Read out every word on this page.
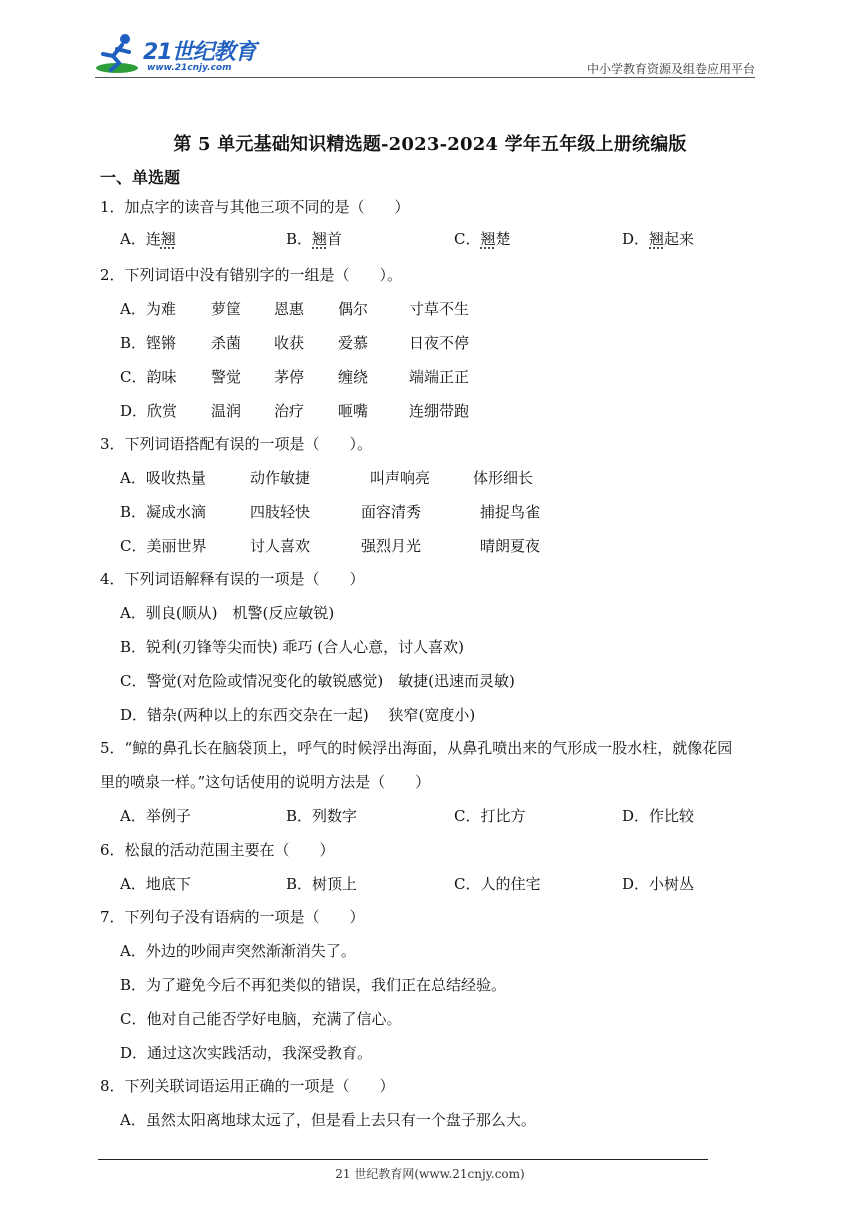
21世纪教育
www.21cnjy.com	中小学教育资源及组卷应用平台
第 5 单元基础知识精选题-2023-2024 学年五年级上册统编版
一、单选题
1．加点字的读音与其他三项不同的是（　　）
A．连翘	B．翘首	C．翘楚	D．翘起来
2．下列词语中没有错别字的一组是（　　）。
A．为难 萝筐 恩惠 偶尔	寸草不生
B．铿锵 杀菌 收获 爱慕	日夜不停
C．韵味 警觉 茅停 缠绕	端端正正
D．欣赏 温润 治疗 咂嘴	连绷带跑
3．下列词语搭配有误的一项是（　　）。
A．吸收热量	动作敏捷	叫声响亮	体形细长
B．凝成水滴	四肢轻快	面容清秀	捕捉鸟雀
C．美丽世界	讨人喜欢	强烈月光	晴朗夏夜
4．下列词语解释有误的一项是（　　）
A．驯良(顺从)　机警(反应敏锐)
B．锐利(刃锋等尖而快) 乖巧 (合人心意，讨人喜欢)
C．警觉(对危险或情况变化的敏锐感觉)　敏捷(迅速而灵敏)
D．错杂(两种以上的东西交杂在一起)　 狭窄(宽度小)
5．“鲸的鼻孔长在脑袋顶上，呼气的时候浮出海面，从鼻孔喷出来的气形成一股水柱，就像花园
里的喷泉一样。”这句话使用的说明方法是（　　）
A．举例子	B．列数字	C．打比方	D．作比较
6．松鼠的活动范围主要在（　　）
A．地底下	B．树顶上	C．人的住宅	D．小树丛
7．下列句子没有语病的一项是（　　）
A．外边的吵闹声突然渐渐消失了。
B．为了避免今后不再犯类似的错误，我们正在总结经验。
C．他对自己能否学好电脑，充满了信心。
D．通过这次实践活动，我深受教育。
8．下列关联词语运用正确的一项是（　　）
A．虽然太阳离地球太远了，但是看上去只有一个盘子那么大。
21 世纪教育网(www.21cnjy.com)
